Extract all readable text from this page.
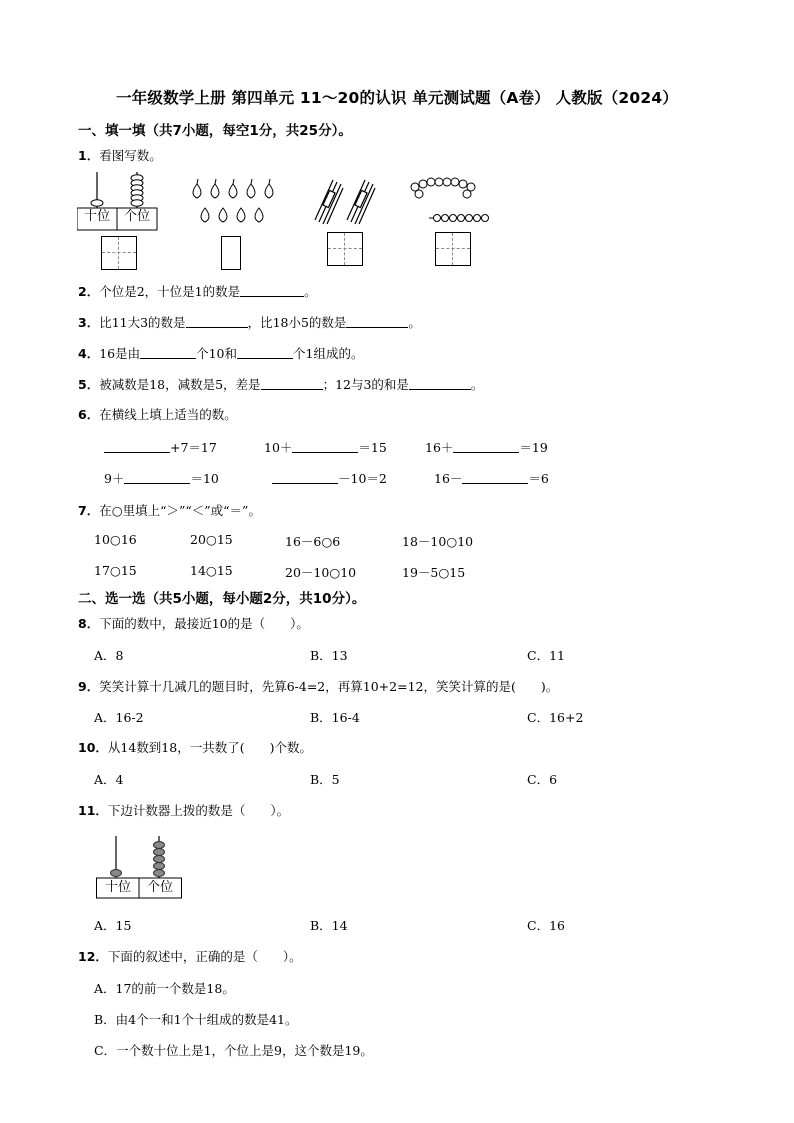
一年级数学上册 第四单元 11～20的认识 单元测试题（A卷） 人教版（2024）
一、填一填（共7小题，每空1分，共25分）。
1．看图写数。
十位	个位
2．个位是2，十位是1的数是	。
3．比11大3的数是	，比18小5的数是	。
4．16是由	个10和	个1组成的。
5．被减数是18，减数是5，差是	；12与3的和是	。
6．在横线上填上适当的数。
+7＝17	10＋	＝15	16＋	＝19
9＋	＝10	－10＝2	16－	＝6
7．在○里填上“＞”“＜”或“＝”。
10○16	20○15	16－6○6	18－10○10
17○15	14○15	20－10○10	19－5○15
二、选一选（共5小题，每小题2分，共10分）。
8．下面的数中，最接近10的是（　　）。
A．8	B．13	C．11
9．笑笑计算十几减几的题目时，先算6-4=2，再算10+2=12，笑笑计算的是(　　)。
A．16-2	B．16-4	C．16+2
10．从14数到18，一共数了(　　)个数。
A．4	B．5	C．6
11．下边计数器上拨的数是（　　）。
十位	个位
A．15	B．14	C．16
12．下面的叙述中，正确的是（　　）。
A．17的前一个数是18。
B．由4个一和1个十组成的数是41。
C．一个数十位上是1，个位上是9，这个数是19。
